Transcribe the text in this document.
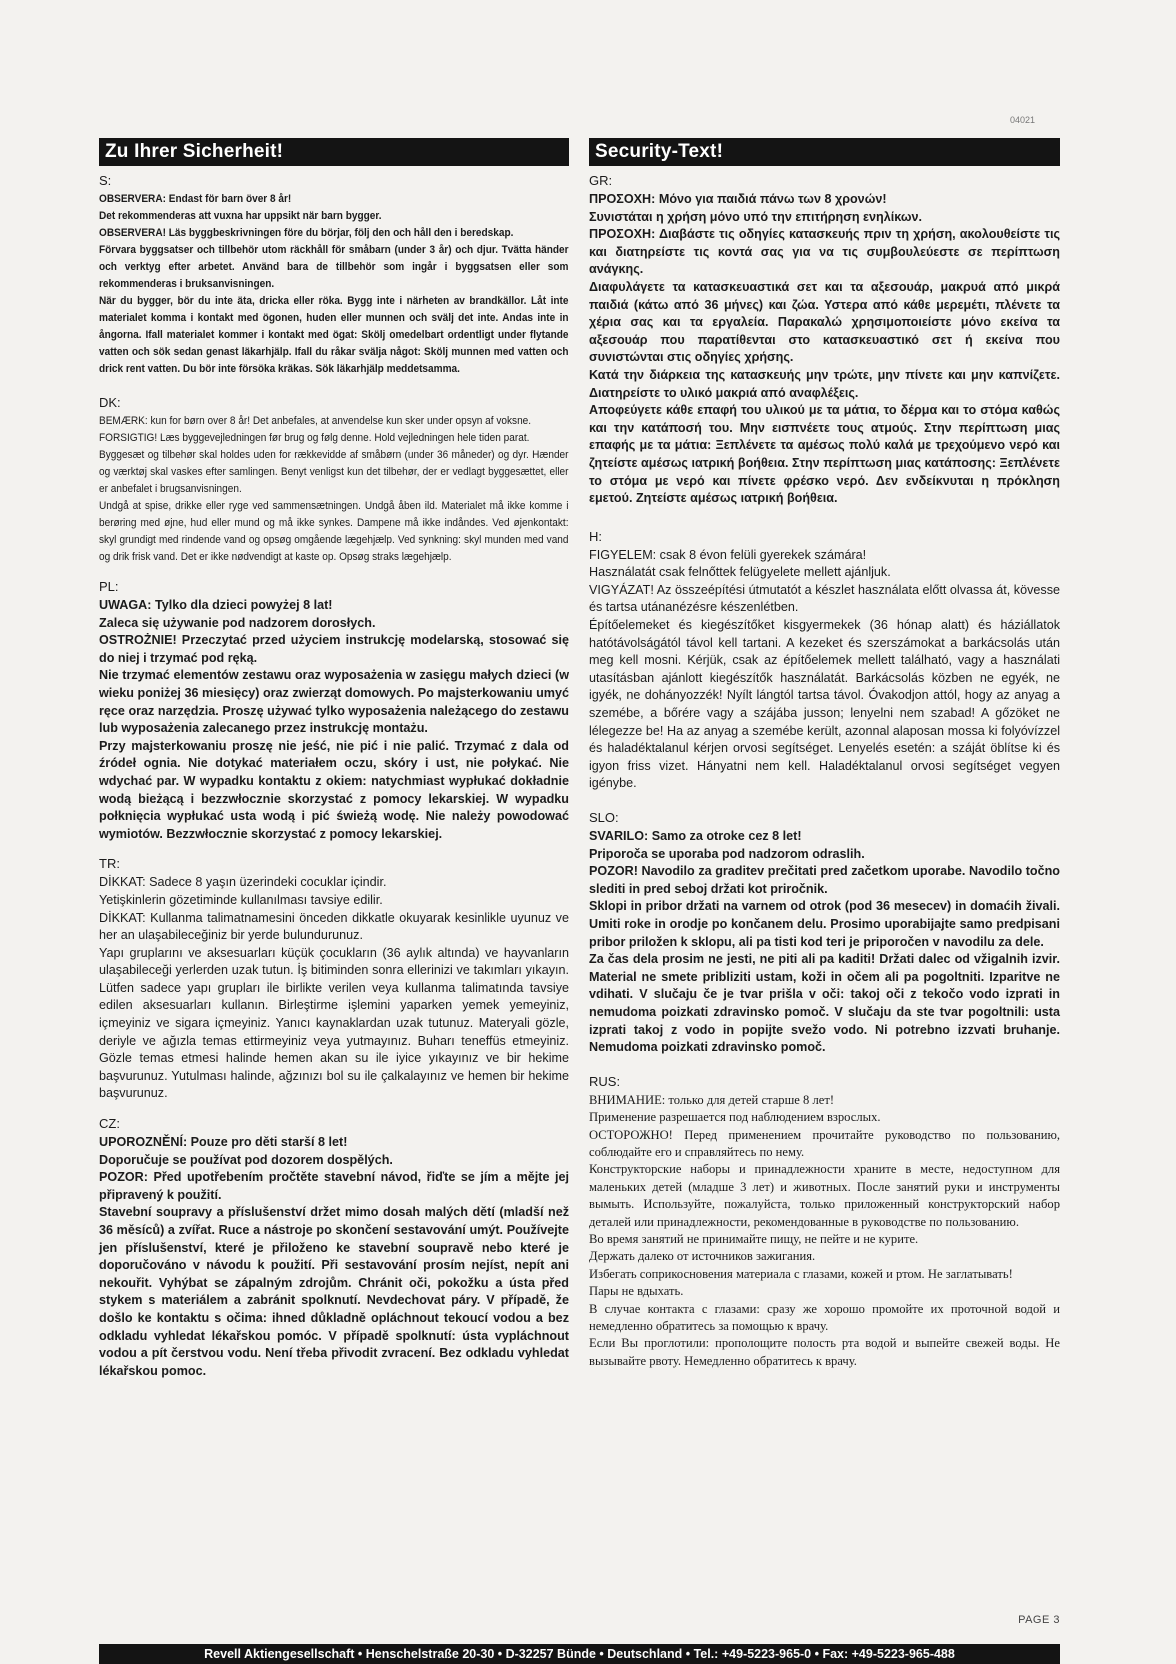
04021
Zu Ihrer Sicherheit!
S:

OBSERVERA: Endast för barn över 8 år!

Det rekommenderas att vuxna har uppsikt när barn bygger.

OBSERVERA! Läs byggbeskrivningen före du börjar, följ den och håll den i beredskap.

Förvara byggsatser och tillbehör utom räckhåll för småbarn (under 3 år) och djur. Tvätta händer och verktyg efter arbetet. Använd bara de tillbehör som ingår i byggsatsen eller som rekommenderas i bruksanvisningen.

När du bygger, bör du inte äta, dricka eller röka. Bygg inte i närheten av brandkällor. Låt inte materialet komma i kontakt med ögonen, huden eller munnen och svälj det inte. Andas inte in ångorna. Ifall materialet kommer i kontakt med ögat: Skölj omedelbart ordentligt under flytande vatten och sök sedan genast läkarhjälp. Ifall du råkar svälja något: Skölj munnen med vatten och drick rent vatten. Du bör inte försöka kräkas. Sök läkarhjälp meddetsamma.

DK:

BEMÆRK: kun for børn over 8 år! Det anbefales, at anvendelse kun sker under opsyn af voksne.

FORSIGTIG! Læs byggevejledningen før brug og følg denne. Hold vejledningen hele tiden parat.

Byggesæt og tilbehør skal holdes uden for rækkevidde af småbørn (under 36 måneder) og dyr. Hænder og værktøj skal vaskes efter samlingen. Benyt venligst kun det tilbehør, der er vedlagt byggesættet, eller er anbefalet i brugsanvisningen.

Undgå at spise, drikke eller ryge ved sammensætningen. Undgå åben ild. Materialet må ikke komme i berøring med øjne, hud eller mund og må ikke synkes. Dampene må ikke indåndes. Ved øjenkontakt: skyl grundigt med rindende vand og opsøg omgående lægehjælp. Ved synkning: skyl munden med vand og drik frisk vand. Det er ikke nødvendigt at kaste op. Opsøg straks lægehjælp.

PL:

UWAGA: Tylko dla dzieci powyżej 8 lat!

Zaleca się używanie pod nadzorem dorosłych.

OSTROŻNIE! Przeczytać przed użyciem instrukcję modelarską, stosować się do niej i trzymać pod ręką.

Nie trzymać elementów zestawu oraz wyposażenia w zasięgu małych dzieci (w wieku poniżej 36 miesięcy) oraz zwierząt domowych. Po majsterkowaniu umyć ręce oraz narzędzia. Proszę używać tylko wyposażenia należącego do zestawu lub wyposażenia zalecanego przez instrukcję montażu.

Przy majsterkowaniu proszę nie jeść, nie pić i nie palić. Trzymać z dala od źródeł ognia. Nie dotykać materiałem oczu, skóry i ust, nie połykać. Nie wdychać par. W wypadku kontaktu z okiem: natychmiast wypłukać dokładnie wodą bieżącą i bezzwłocznie skorzystać z pomocy lekarskiej. W wypadku połknięcia wypłukać usta wodą i pić świeżą wodę. Nie należy powodować wymiotów. Bezzwłocznie skorzystać z pomocy lekarskiej.

TR:

DİKKAT: Sadece 8 yaşın üzerindeki cocuklar içindir.

Yetişkinlerin gözetiminde kullanılması tavsiye edilir.

DİKKAT: Kullanma talimatnamesini önceden dikkatle okuyarak kesinlikle uyunuz ve her an ulaşabileceğiniz bir yerde bulundurunuz.

Yapı gruplarını ve aksesuarları küçük çocukların (36 aylık altında) ve hayvanların ulaşabileceği yerlerden uzak tutun. İş bitiminden sonra ellerinizi ve takımları yıkayın. Lütfen sadece yapı grupları ile birlikte verilen veya kullanma talimatında tavsiye edilen aksesuarları kullanın. Birleştirme işlemini yaparken yemek yemeyiniz, içmeyiniz ve sigara içmeyiniz. Yanıcı kaynaklardan uzak tutunuz. Materyali gözle, deriyle ve ağızla temas ettirmeyiniz veya yutmayınız. Buharı teneffüs etmeyiniz. Gözle temas etmesi halinde hemen akan su ile iyice yıkayınız ve bir hekime başvurunuz. Yutulması halinde, ağzınızı bol su ile çalkalayınız ve hemen bir hekime başvurunuz.

CZ:

UPOROZNĚNÍ: Pouze pro děti starší 8 let!

Doporučuje se používat pod dozorem dospělých.

POZOR: Před upotřebením pročtěte stavební návod, řiďte se jím a mějte jej připravený k použití.

Stavební soupravy a příslušenství držet mimo dosah malých dětí (mladší než 36 měsíců) a zvířat. Ruce a nástroje po skončení sestavování umýt. Používejte jen příslušenství, které je přiloženo ke stavební soupravě nebo které je doporučováno v návodu k použití. Při sestavování prosím nejíst, nepít ani nekouřit. Vyhýbat se zápalným zdrojům. Chránit oči, pokožku a ústa před stykem s materiálem a zabránit spolknutí. Nevdechovat páry. V případě, že došlo ke kontaktu s očima: ihned důkladně opláchnout tekoucí vodou a bez odkladu vyhledat lékařskou pomóc. V případě spolknutí: ústa vypláchnout vodou a pít čerstvou vodu. Není třeba přivodit zvracení. Bez odkladu vyhledat lékařskou pomoc.

Security-Text!
GR:

ΠΡΟΣΟΧΗ: Μόνο για παιδιά πάνω των 8 χρονών!

Συνιστάται η χρήση μόνο υπό την επιτήρηση ενηλίκων.

ΠΡΟΣΟΧΗ: Διαβάστε τις οδηγίες κατασκευής πριν τη χρήση, ακολουθείστε τις και διατηρείστε τις κοντά σας για να τις συμβουλεύεστε σε περίπτωση ανάγκης.

Διαφυλάγετε τα κατασκευαστικά σετ και τα αξεσουάρ, μακρυά από μικρά παιδιά (κάτω από 36 μήνες) και ζώα. Υστερα από κάθε μερεμέτι, πλένετε τα χέρια σας και τα εργαλεία. Παρακαλώ χρησιμοποιείστε μόνο εκείνα τα αξεσουάρ που παρατίθενται στο κατασκευαστικό σετ ή εκείνα που συνιστώνται στις οδηγίες χρήσης.

Κατά την διάρκεια της κατασκευής μην τρώτε, μην πίνετε και μην καπνίζετε. Διατηρείστε το υλικό μακριά από αναφλέξεις.

Αποφεύγετε κάθε επαφή του υλικού με τα μάτια, το δέρμα και το στόμα καθώς και την κατάποσή του. Μην εισπνέετε τους ατμούς. Στην περίπτωση μιας επαφής με τα μάτια: Ξεπλένετε τα αμέσως πολύ καλά με τρεχούμενο νερό και ζητείστε αμέσως ιατρική βοήθεια. Στην περίπτωση μιας κατάποσης: Ξεπλένετε το στόμα με νερό και πίνετε φρέσκο νερό. Δεν ενδείκνυται η πρόκληση εμετού. Ζητείστε αμέσως ιατρική βοήθεια.

H:

FIGYELEM: csak 8 évon felüli gyerekek számára!

Használatát csak felnőttek felügyelete mellett ajánljuk.

VIGYÁZAT! Az összeépítési útmutatót a készlet használata előtt olvassa át, kövesse és tartsa utánanézésre készenlétben.

Építőelemeket és kiegészítőket kisgyermekek (36 hónap alatt) és háziállatok hatótávolságától távol kell tartani. A kezeket és szerszámokat a barkácsolás után meg kell mosni. Kérjük, csak az építőelemek mellett található, vagy a használati utasításban ajánlott kiegészítők használatát. Barkácsolás közben ne egyék, ne igyék, ne dohányozzék! Nyílt lángtól tartsa távol. Óvakodjon attól, hogy az anyag a szemébe, a bőrére vagy a szájába jusson; lenyelni nem szabad! A gőzöket ne lélegezze be! Ha az anyag a szemébe került, azonnal alaposan mossa ki folyóvízzel és haladéktalanul kérjen orvosi segítséget. Lenyelés esetén: a száját öblítse ki és igyon friss vizet. Hányatni nem kell. Haladéktalanul orvosi segítséget vegyen igénybe.

SLO:

SVARILO: Samo za otroke cez 8 let!

Priporoča se uporaba pod nadzorom odraslih.

POZOR! Navodilo za graditev prečitati pred začetkom uporabe. Navodilo točno slediti in pred seboj držati kot priročnik.

Sklopi in pribor držati na varnem od otrok (pod 36 mesecev) in domaćih živali. Umiti roke in orodje po končanem delu. Prosimo uporabijajte samo predpisani pribor priložen k sklopu, ali pa tisti kod teri je priporočen v navodilu za dele.

Za čas dela prosim ne jesti, ne piti ali pa kaditi! Držati dalec od vžigalnih izvir. Material ne smete pribliziti ustam, koži in očem ali pa pogoltniti. Izparitve ne vdihati. V slučaju če je tvar prišla v oči: takoj oči z tekočo vodo izprati in nemudoma poizkati zdravinsko pomoč. V slučaju da ste tvar pogoltnili: usta izprati takoj z vodo in popijte svežo vodo. Ni potrebno izzvati bruhanje. Nemudoma poizkati zdravinsko pomoč.

RUS:

ВНИМАНИЕ: только для детей старше 8 лет!

Применение разрешается под наблюдением взрослых.

ОСТОРОЖНО! Перед применением прочитайте руководство по пользованию, соблюдайте его и справляйтесь по нему.

Конструкторские наборы и принадлежности храните в месте, недоступном для маленьких детей (младше 3 лет) и животных. После занятий руки и инструменты вымыть. Используйте, пожалуйста, только приложенный конструкторский набор деталей или принадлежности, рекомендованные в руководстве по пользованию.

Во время занятий не принимайте пищу, не пейте и не курите.

Держать далеко от источников зажигания.

Избегать соприкосновения материала с глазами, кожей и ртом. Не заглатывать!

Пары не вдыхать.

В случае контакта с глазами: сразу же хорошо промойте их проточной водой и немедленно обратитесь за помощью к врачу.

Если Вы проглотили: прополощите полость рта водой и выпейте свежей воды. Не вызывайте рвоту. Немедленно обратитесь к врачу.

Revell Aktiengesellschaft • Henschelstraße 20-30 • D-32257 Bünde • Deutschland • Tel.: +49-5223-965-0 • Fax: +49-5223-965-488
PAGE 3
